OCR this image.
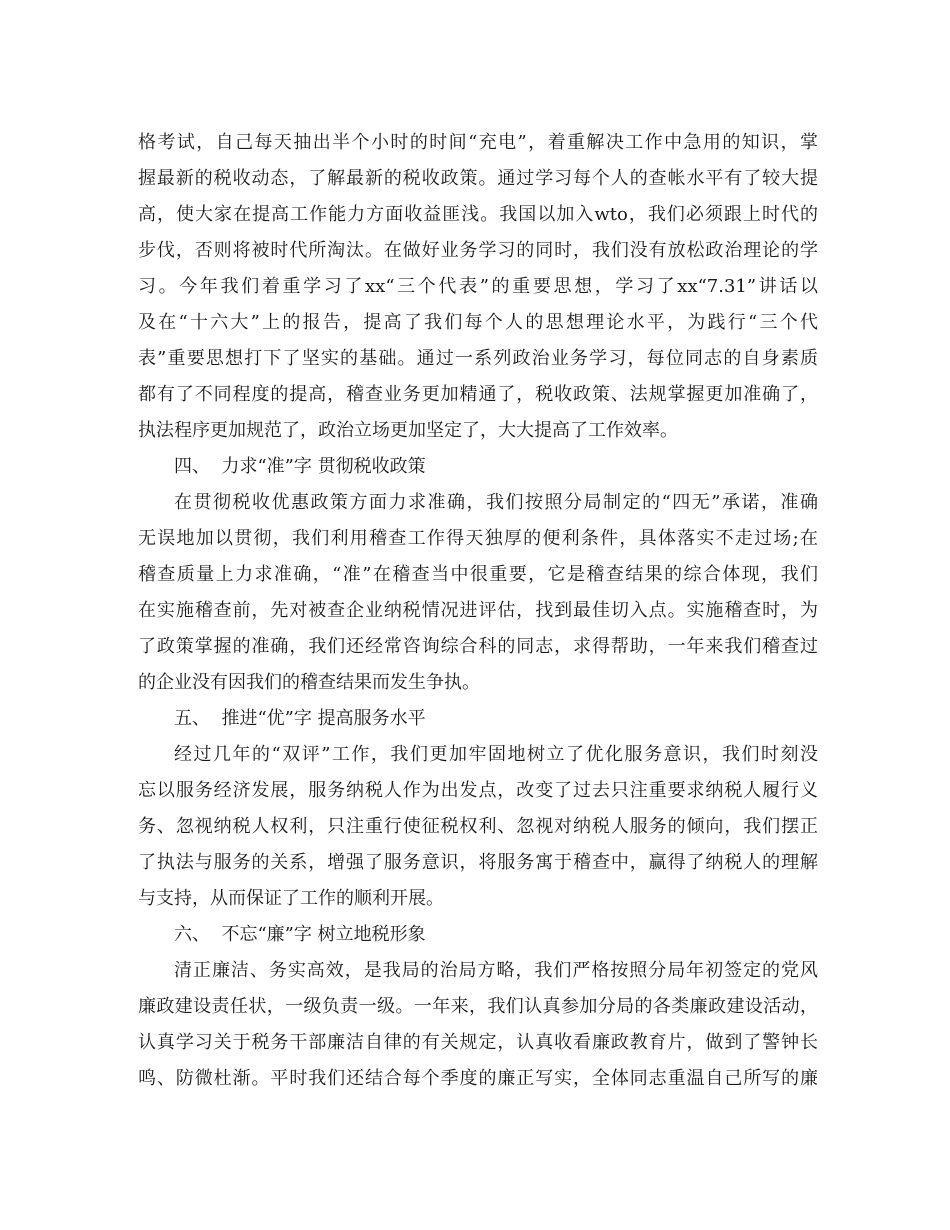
格考试，自己每天抽出半个小时的时间“充电”，着重解决工作中急用的知识，掌
握最新的税收动态，了解最新的税收政策。通过学习每个人的查帐水平有了较大提
高，使大家在提高工作能力方面收益匪浅。我国以加入wto，我们必须跟上时代的
步伐，否则将被时代所淘汰。在做好业务学习的同时，我们没有放松政治理论的学
习。今年我们着重学习了xx“三个代表”的重要思想，学习了xx“7.31”讲话以
及在“十六大”上的报告，提高了我们每个人的思想理论水平，为践行“三个代
表”重要思想打下了坚实的基础。通过一系列政治业务学习，每位同志的自身素质
都有了不同程度的提高，稽查业务更加精通了，税收政策、法规掌握更加准确了，
执法程序更加规范了，政治立场更加坚定了，大大提高了工作效率。
四、  力求“准”字 贯彻税收政策
在贯彻税收优惠政策方面力求准确，我们按照分局制定的“四无”承诺，准确
无误地加以贯彻，我们利用稽查工作得天独厚的便利条件，具体落实不走过场;在
稽查质量上力求准确，“准”在稽查当中很重要，它是稽查结果的综合体现，我们
在实施稽查前，先对被查企业纳税情况进评估，找到最佳切入点。实施稽查时，为
了政策掌握的准确，我们还经常咨询综合科的同志，求得帮助，一年来我们稽查过
的企业没有因我们的稽查结果而发生争执。
五、  推进“优”字 提高服务水平
经过几年的“双评”工作，我们更加牢固地树立了优化服务意识，我们时刻没
忘以服务经济发展，服务纳税人作为出发点，改变了过去只注重要求纳税人履行义
务、忽视纳税人权利，只注重行使征税权利、忽视对纳税人服务的倾向，我们摆正
了执法与服务的关系，增强了服务意识，将服务寓于稽查中，赢得了纳税人的理解
与支持，从而保证了工作的顺利开展。
六、  不忘“廉”字 树立地税形象
清正廉洁、务实高效，是我局的治局方略，我们严格按照分局年初签定的党风
廉政建设责任状，一级负责一级。一年来，我们认真参加分局的各类廉政建设活动，
认真学习关于税务干部廉洁自律的有关规定，认真收看廉政教育片，做到了警钟长
鸣、防微杜渐。平时我们还结合每个季度的廉正写实，全体同志重温自己所写的廉
